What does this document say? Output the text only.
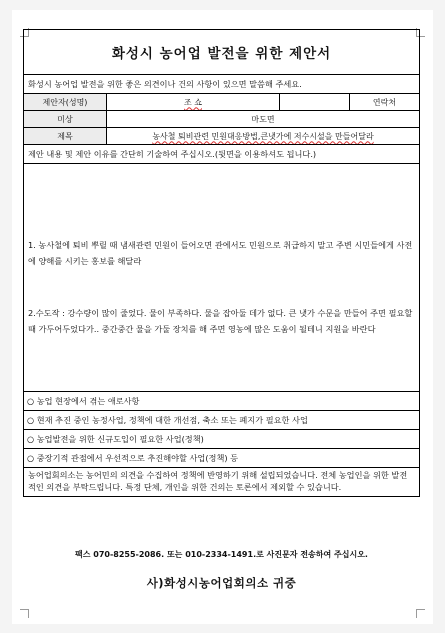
화성시 농어업 발전을 위한 제안서
화성시 농어업 발전을 위한 좋은 의견이나 건의 사항이 있으면 말씀해 주세요.
제안자(성명)	조 쇼	연락처
미상	마도면
제목	농사철 퇴비관련 민원대응방법,큰냇가에 저수시설을 만들어달라
제안 내용 및 제안 이유를 간단히 기술하여 주십시오.(뒷면을 이용하셔도 됩니다.)
1. 농사철에 퇴비 뿌릴 때 냄새관련 민원이 들어오면 관에서도 민원으로 취급하지 말고 주변 시민들에게 사전에 양해를 시키는 홍보를 해달라
2.수도작 : 강수량이 많이 줄었다. 물이 부족하다. 물을 잡아둘 데가 없다. 큰 냇가 수문을 만들어 주면 필요할 때 가두어두었다가.. 중간중간 물을 가둘 장치를 해 주면 영농에 많은 도움이 될테니 지원을 바란다
○ 농업 현장에서 겪는 애로사항
○ 현재 추진 중인 농정사업, 정책에 대한 개선점, 축소 또는 폐지가 필요한 사업
○ 농업발전을 위한 신규도입이 필요한 사업(정책)
○ 중장기적 관점에서 우선적으로 추진해야할 사업(정책) 등
농어업회의소는 농어민의 의견을 수집하여 정책에 반영하기 위해 설립되었습니다. 전체 농업인을 위한 발전적인 의견을 부탁드립니다. 특정 단체, 개인을 위한 건의는 토론에서 제외할 수 있습니다.
팩스 070-8255-2086. 또는 010-2334-1491.로 사진문자 전송하여 주십시오.
사)화성시농어업회의소 귀중
